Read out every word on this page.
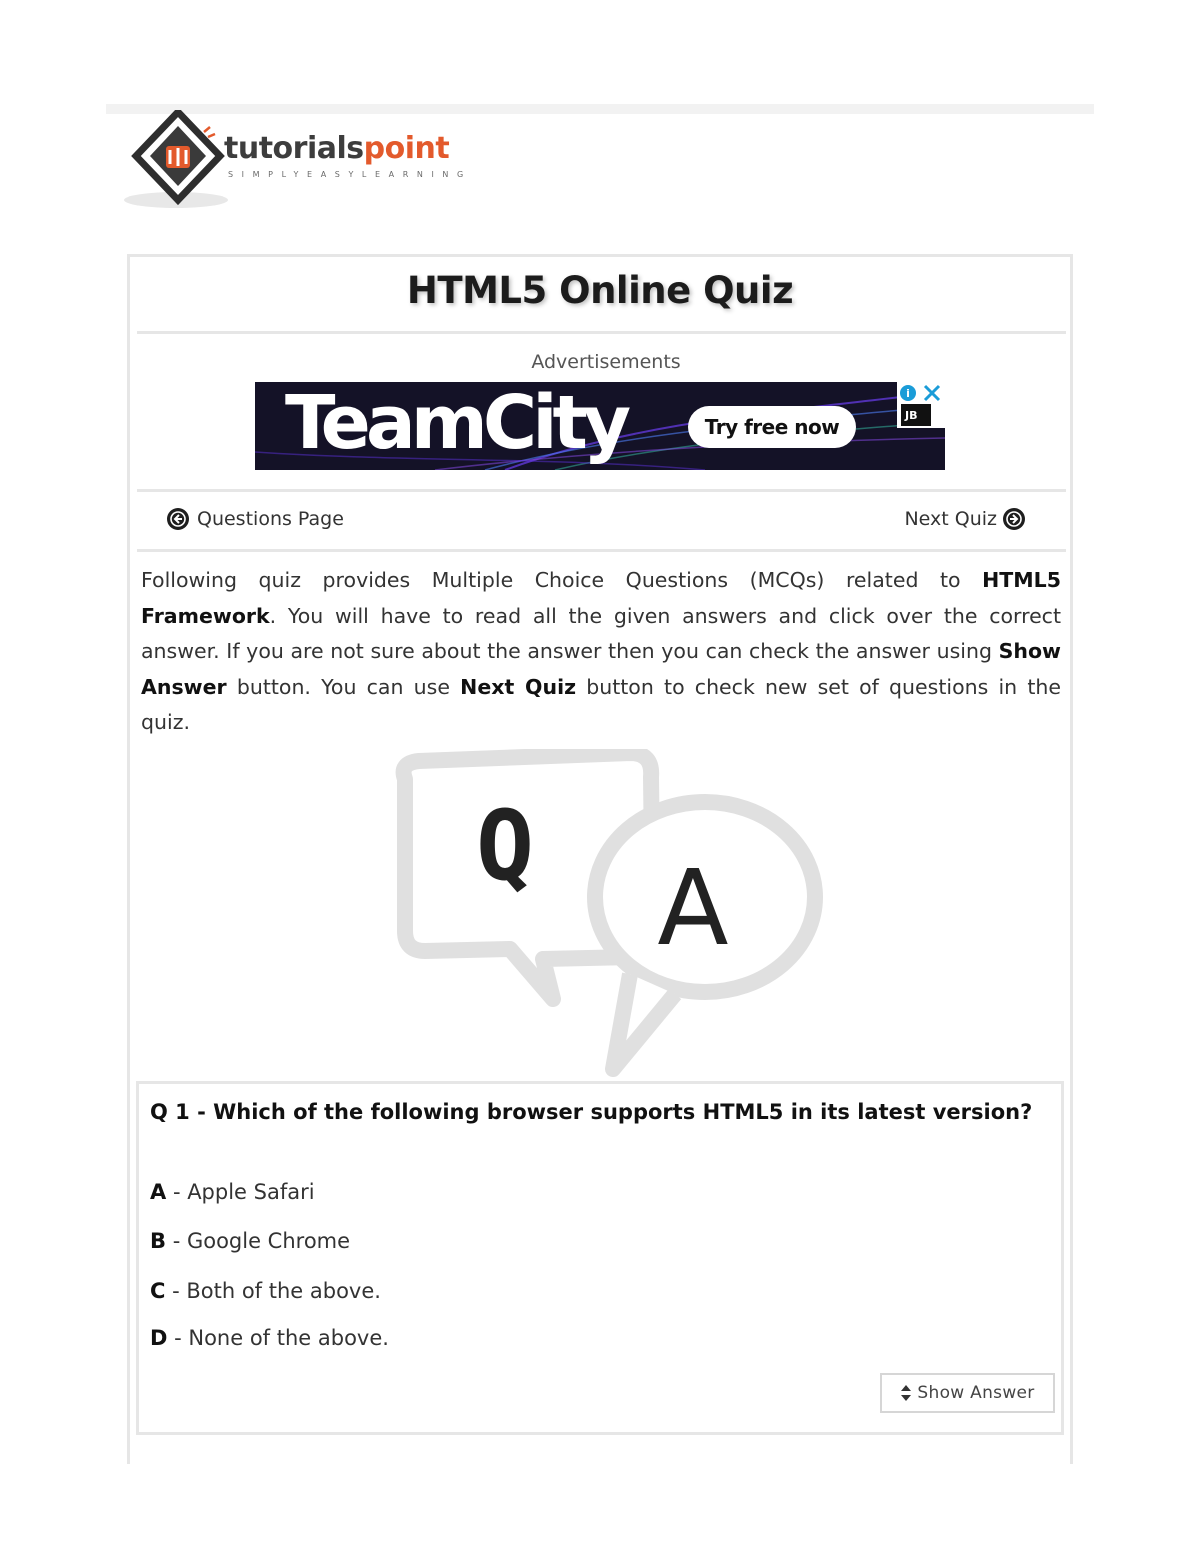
tutorialspoint
SIMPLYEASYLEARNING
HTML5 Online Quiz
Advertisements
TeamCity	Try free now
i
JB
Questions Page	Next Quiz

Following quiz provides Multiple Choice Questions (MCQs) related to HTML5 Framework. You will have to read all the given answers and click over the correct answer. If you are not sure about the answer then you can check the answer using Show Answer button. You can use Next Quiz button to check new set of questions in the quiz.

Q
A

Q 1 - Which of the following browser supports HTML5 in its latest version?

A - Apple Safari
B - Google Chrome
C - Both of the above.
D - None of the above.
Show Answer
